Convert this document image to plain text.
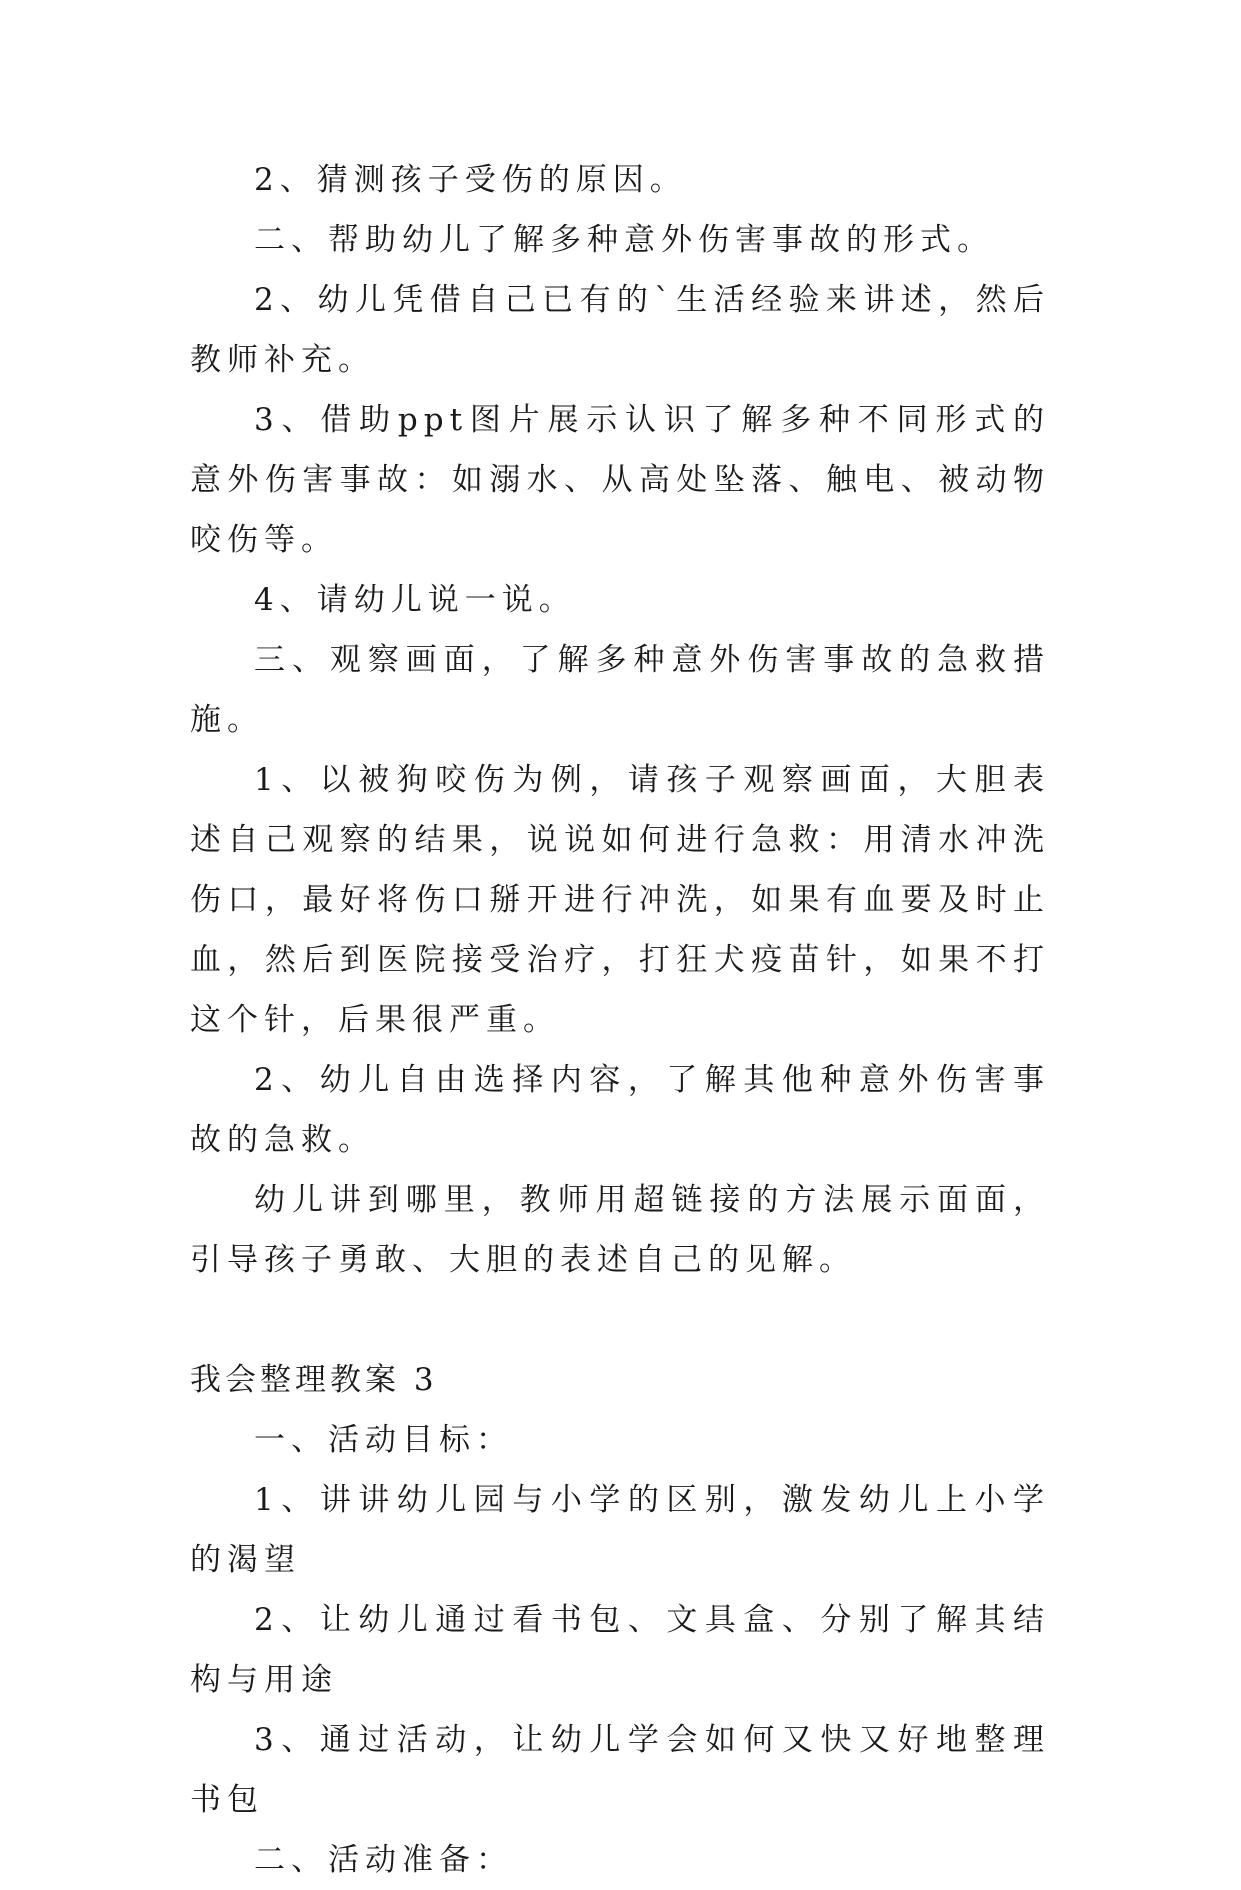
2、猜测孩子受伤的原因。

二、帮助幼儿了解多种意外伤害事故的形式。

2、幼儿凭借自己已有的`生活经验来讲述，然后教师补充。

3、借助ppt图片展示认识了解多种不同形式的意外伤害事故：如溺水、从高处坠落、触电、被动物咬伤等。

4、请幼儿说一说。

三、观察画面，了解多种意外伤害事故的急救措施。

1、以被狗咬伤为例，请孩子观察画面，大胆表述自己观察的结果，说说如何进行急救：用清水冲洗伤口，最好将伤口掰开进行冲洗，如果有血要及时止血，然后到医院接受治疗，打狂犬疫苗针，如果不打这个针，后果很严重。

2、幼儿自由选择内容，了解其他种意外伤害事故的急救。

幼儿讲到哪里，教师用超链接的方法展示面面，引导孩子勇敢、大胆的表述自己的见解。

我会整理教案 3

一、活动目标：

1、讲讲幼儿园与小学的区别，激发幼儿上小学的渴望

2、让幼儿通过看书包、文具盒、分别了解其结构与用途

3、通过活动，让幼儿学会如何又快又好地整理书包

二、活动准备：
